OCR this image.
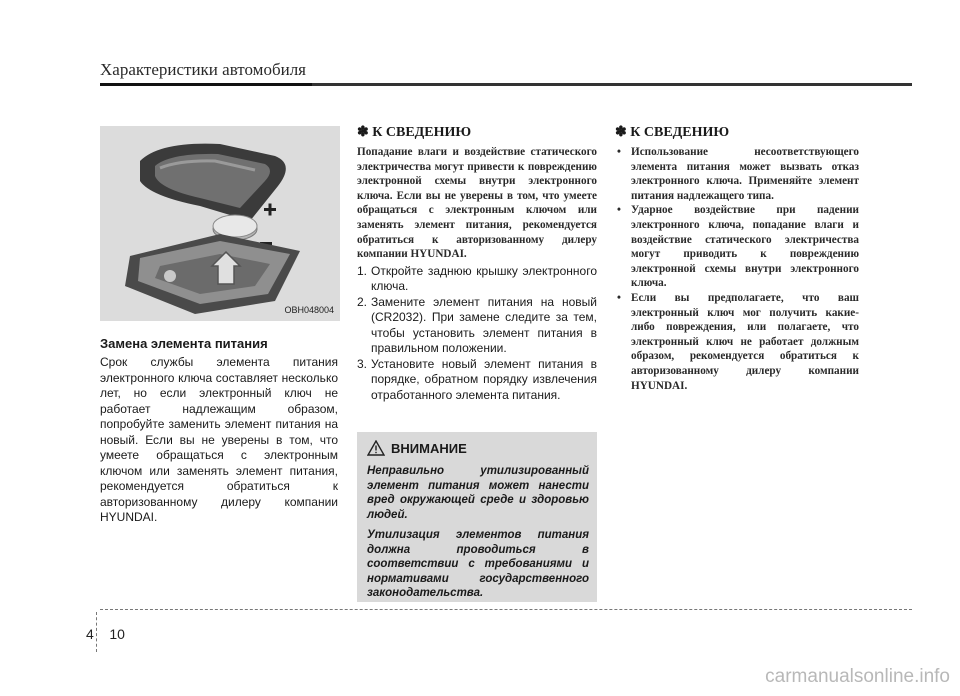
Характеристики автомобиля
OBH048004
Замена элемента питания
Срок службы элемента питания электронного ключа составляет несколько лет, но если электронный ключ не работает надлежащим образом, попробуйте заменить элемент питания на новый. Если вы не уверены в том, что умеете обращаться с электронным ключом или заменять элемент питания, рекомендуется обратиться к авторизованному дилеру компании HYUNDAI.
✽ К СВЕДЕНИЮ
Попадание влаги и воздействие статического электричества могут привести к повреждению электронной схемы внутри электронного ключа. Если вы не уверены в том, что умеете обращаться с электронным ключом или заменять элемент питания, рекомендуется обратиться к авторизованному дилеру компании HYUNDAI.
1. Откройте заднюю крышку электронного ключа.
2. Замените элемент питания на новый (CR2032). При замене следите за тем, чтобы установить элемент питания в правильном положении.
3. Установите новый элемент питания в порядке, обратном порядку извлечения отработанного элемента питания.
ВНИМАНИЕ

Неправильно утилизированный элемент питания может нанести вред окружающей среде и здоровью людей.

Утилизация элементов питания должна проводиться в соответствии с требованиями и нормативами государственного законодательства.

✽ К СВЕДЕНИЮ
• Использование несоответствующего элемента питания может вызвать отказ электронного ключа. Применяйте элемент питания надлежащего типа.
• Ударное воздействие при падении электронного ключа, попадание влаги и воздействие статического электричества могут приводить к повреждению электронной схемы внутри электронного ключа.
• Если вы предполагаете, что ваш электронный ключ мог получить какие-либо повреждения, или полагаете, что электронный ключ не работает должным образом, рекомендуется обратиться к авторизованному дилеру компании HYUNDAI.
4 10
carmanualsonline.info
